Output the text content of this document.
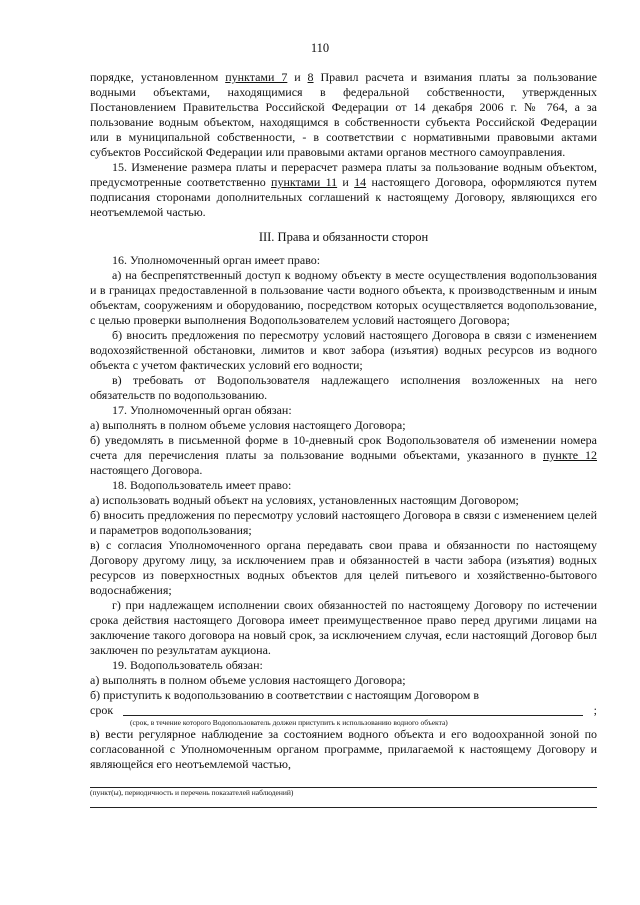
110

порядке, установленном пунктами 7 и 8 Правил расчета и взимания платы за пользование водными объектами, находящимися в федеральной собственности, утвержденных Постановлением Правительства Российской Федерации от 14 декабря 2006 г. № 764, а за пользование водным объектом, находящимся в собственности субъекта Российской Федерации или в муниципальной собственности, - в соответствии с нормативными правовыми актами субъектов Российской Федерации или правовыми актами органов местного самоуправления.

15. Изменение размера платы и перерасчет размера платы за пользование водным объектом, предусмотренные соответственно пунктами 11 и 14 настоящего Договора, оформляются путем подписания сторонами дополнительных соглашений к настоящему Договору, являющихся его неотъемлемой частью.

III. Права и обязанности сторон

16. Уполномоченный орган имеет право:

а) на беспрепятственный доступ к водному объекту в месте осуществления водопользования и в границах предоставленной в пользование части водного объекта, к производственным и иным объектам, сооружениям и оборудованию, посредством которых осуществляется водопользование, с целью проверки выполнения Водопользователем условий настоящего Договора;

б) вносить предложения по пересмотру условий настоящего Договора в связи с изменением водохозяйственной обстановки, лимитов и квот забора (изъятия) водных ресурсов из водного объекта с учетом фактических условий его водности;

в) требовать от Водопользователя надлежащего исполнения возложенных на него обязательств по водопользованию.

17. Уполномоченный орган обязан:

а) выполнять в полном объеме условия настоящего Договора;

б) уведомлять в письменной форме в 10-дневный срок Водопользователя об изменении номера счета для перечисления платы за пользование водными объектами, указанного в пункте 12 настоящего Договора.

18. Водопользователь имеет право:

а) использовать водный объект на условиях, установленных настоящим Договором;

б) вносить предложения по пересмотру условий настоящего Договора в связи с изменением целей и параметров водопользования;

в) с согласия Уполномоченного органа передавать свои права и обязанности по настоящему Договору другому лицу, за исключением прав и обязанностей в части забора (изъятия) водных ресурсов из поверхностных водных объектов для целей питьевого и хозяйственно-бытового водоснабжения;

г) при надлежащем исполнении своих обязанностей по настоящему Договору по истечении срока действия настоящего Договора имеет преимущественное право перед другими лицами на заключение такого договора на новый срок, за исключением случая, если настоящий Договор был заключен по результатам аукциона.

19. Водопользователь обязан:

а) выполнять в полном объеме условия настоящего Договора;

б) приступить к водопользованию в соответствии с настоящим Договором в

срок	;

(срок, в течение которого Водопользователь должен приступить к использованию водного объекта)

в) вести регулярное наблюдение за состоянием водного объекта и его водоохранной зоной по согласованной с Уполномоченным органом программе, прилагаемой к настоящему Договору и являющейся его неотъемлемой частью,

(пункт(ы), периодичность и перечень показателей наблюдений)
